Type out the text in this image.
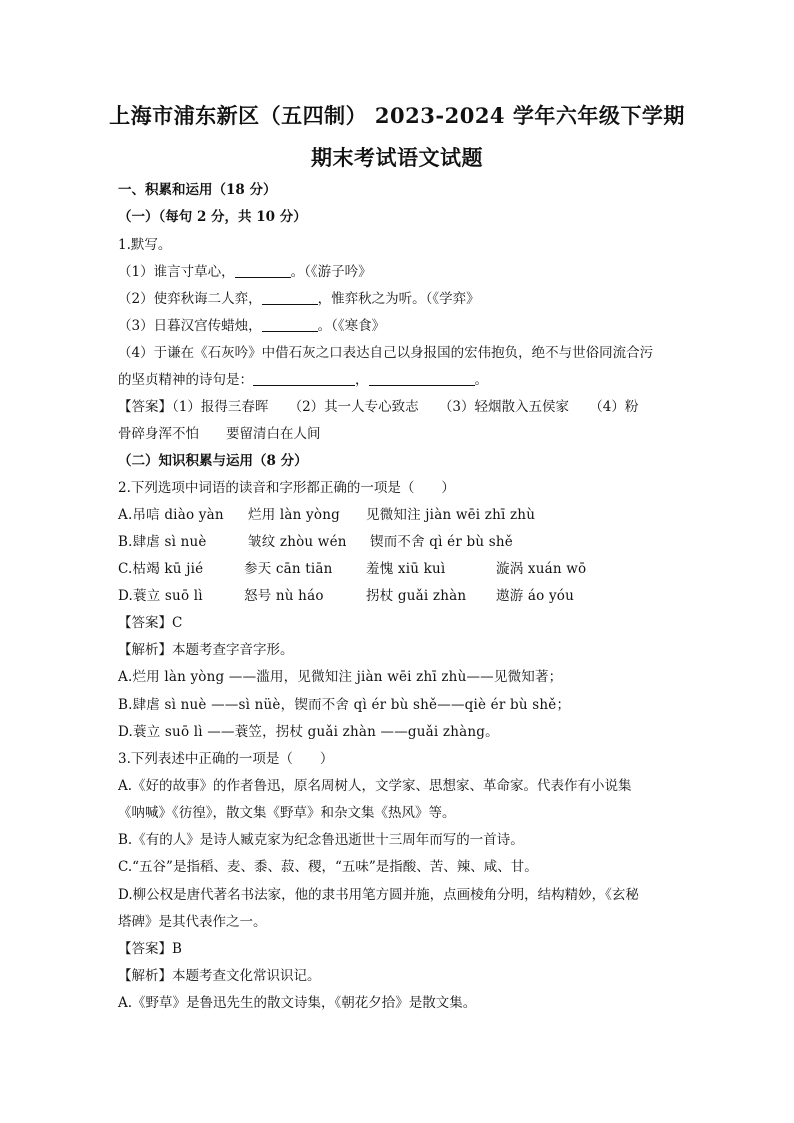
上海市浦东新区（五四制） 2023-2024 学年六年级下学期
期末考试语文试题
一、积累和运用（18 分）
（一）（每句 2 分，共 10 分）
1.默写。
（1）谁言寸草心，	。（《游子吟》
（2）使弈秋诲二人弈，	，惟弈秋之为听。（《学弈》
（3）日暮汉宫传蜡烛，	。（《寒食》
（4）于谦在《石灰吟》中借石灰之口表达自己以身报国的宏伟抱负，绝不与世俗同流合污
的坚贞精神的诗句是：	，	。
【答案】（1）报得三春晖　　（2）其一人专心致志　　（3）轻烟散入五侯家　　（4）粉
骨碎身浑不怕　　要留清白在人间
（二）知识积累与运用（8 分）
2.下列选项中词语的读音和字形都正确的一项是（　　）
A.吊唁 diào yàn 烂用 làn yòng 见微知注 jiàn wēi zhī zhù
B.肆虐 sì nuè	皱纹 zhòu wén 锲而不舍 qì ér bù shě
C.枯竭 kū jié	参天 cān tiān 羞愧 xiū kuì	漩涡 xuán wō
D.蓑立 suō lì	怒号 nù háo	拐杖 guǎi zhàn 遨游 áo yóu
【答案】C
【解析】本题考查字音字形。
A.烂用 làn yòng ——滥用，见微知注 jiàn wēi zhī zhù——见微知著；
B.肆虐 sì nuè ——sì nüè，锲而不舍 qì ér bù shě——qiè ér bù shě；
D.蓑立 suō lì ——蓑笠，拐杖 guǎi zhàn ——guǎi zhàng。
3.下列表述中正确的一项是（　　）
A.《好的故事》的作者鲁迅，原名周树人，文学家、思想家、革命家。代表作有小说集
《呐喊》《彷徨》，散文集《野草》和杂文集《热风》等。
B.《有的人》是诗人臧克家为纪念鲁迅逝世十三周年而写的一首诗。
C.“五谷”是指稻、麦、黍、菽、稷，“五味”是指酸、苦、辣、咸、甘。
D.柳公权是唐代著名书法家，他的隶书用笔方圆并施，点画棱角分明，结构精妙，《玄秘
塔碑》是其代表作之一。
【答案】B
【解析】本题考查文化常识识记。
A.《野草》是鲁迅先生的散文诗集，《朝花夕拾》是散文集。
